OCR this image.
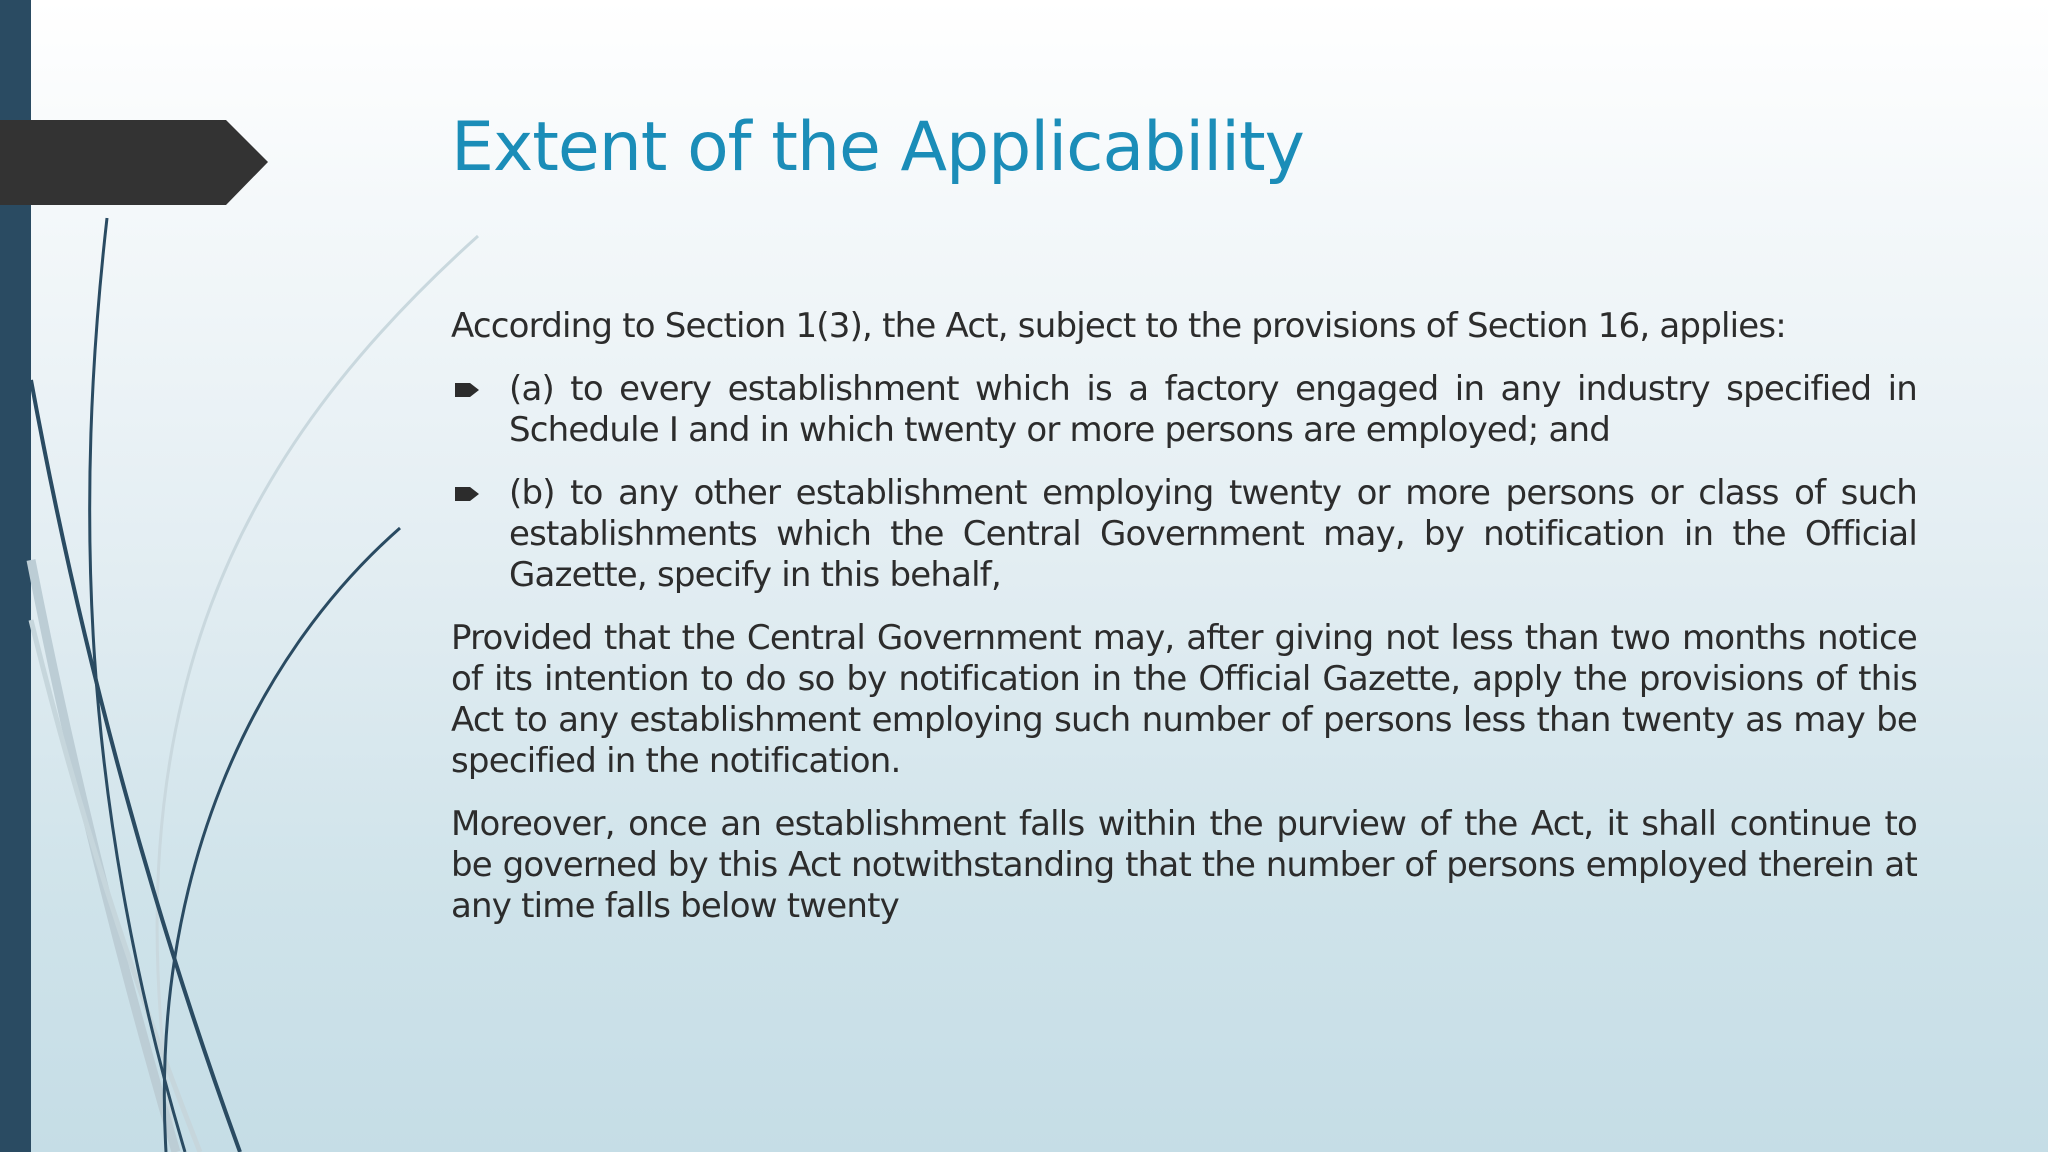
Extent of the Applicability

According to Section 1(3), the Act, subject to the provisions of Section 16, applies:

(a) to every establishment which is a factory engaged in any industry specified in Schedule I and in which twenty or more persons are employed; and
(b) to any other establishment employing twenty or more persons or class of such establishments which the Central Government may, by notification in the Official Gazette, specify in this behalf,

Provided that the Central Government may, after giving not less than two months notice of its intention to do so by notification in the Official Gazette, apply the provisions of this Act to any establishment employing such number of persons less than twenty as may be specified in the notification.

Moreover, once an establishment falls within the purview of the Act, it shall continue to be governed by this Act notwithstanding that the number of persons employed therein at any time falls below twenty
